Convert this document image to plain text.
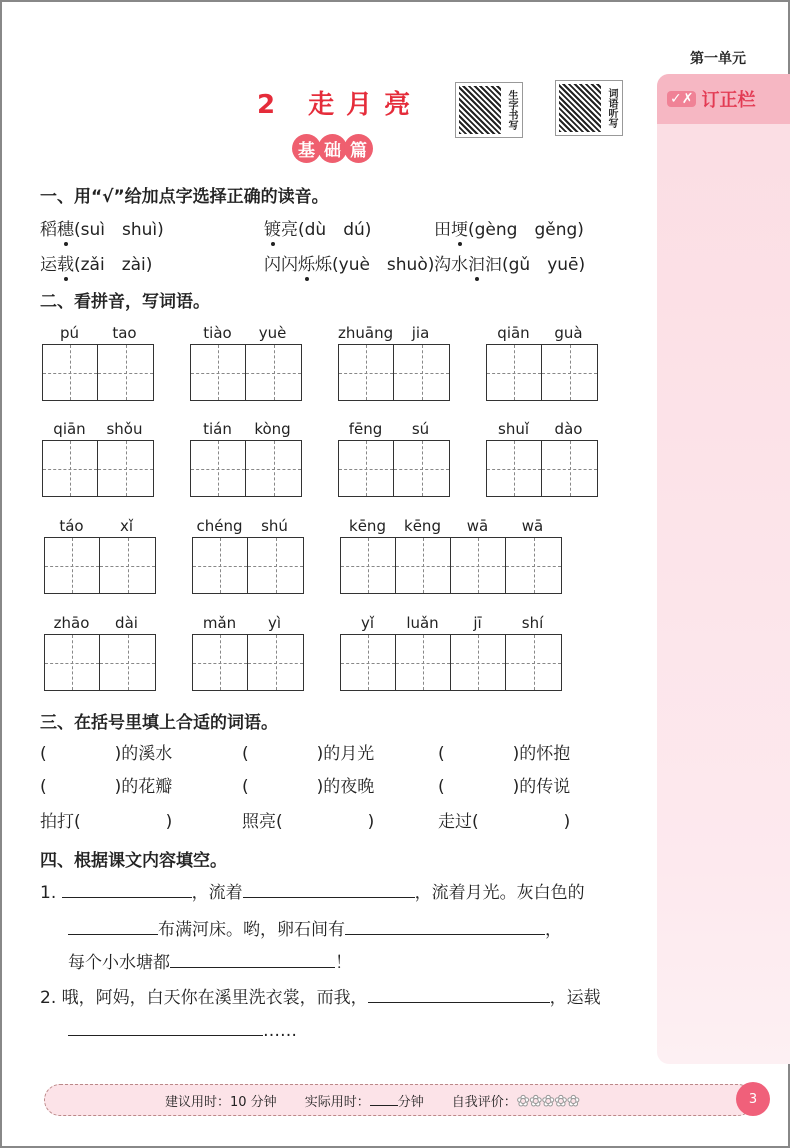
第一单元
✓✗ 订正栏
2 走月亮
基 础 篇
生字书写	词语听写
一、用“√”给加点字选择正确的读音。
稻穗(suì　shuì)	镀亮(dù　dú)	田埂(gèng　gěng)
运载(zǎi　zài)	闪闪烁烁(yuè　shuò) 沟水汩汩(gǔ　yuē)
二、看拼音，写词语。
pú	tao	tiào	yuè	zhuāng	jia	qiān	guà
qiān	shǒu	tián	kòng	fēng	sú	shuǐ	dào
táo	xǐ	chéng	shú	kēng	kēng	wā	wā
zhāo	dài	mǎn	yì	yǐ	luǎn	jī	shí
三、在括号里填上合适的词语。
(　　　　)的溪水	(　　　　)的月光	(　　　　)的怀抱
(　　　　)的花瓣	(　　　　)的夜晚	(　　　　)的传说
拍打(　　　　　)	照亮(　　　　　)	走过(　　　　　)
四、根据课文内容填空。
1.	，流着	，流着月光。灰白色的
布满河床。哟，卵石间有	，
每个小水塘都	！
2. 哦，阿妈，白天你在溪里洗衣裳，而我，	，运载
……
建议用时：10 分钟 实际用时： 分钟 自我评价：✿✿✿✿✿	3
